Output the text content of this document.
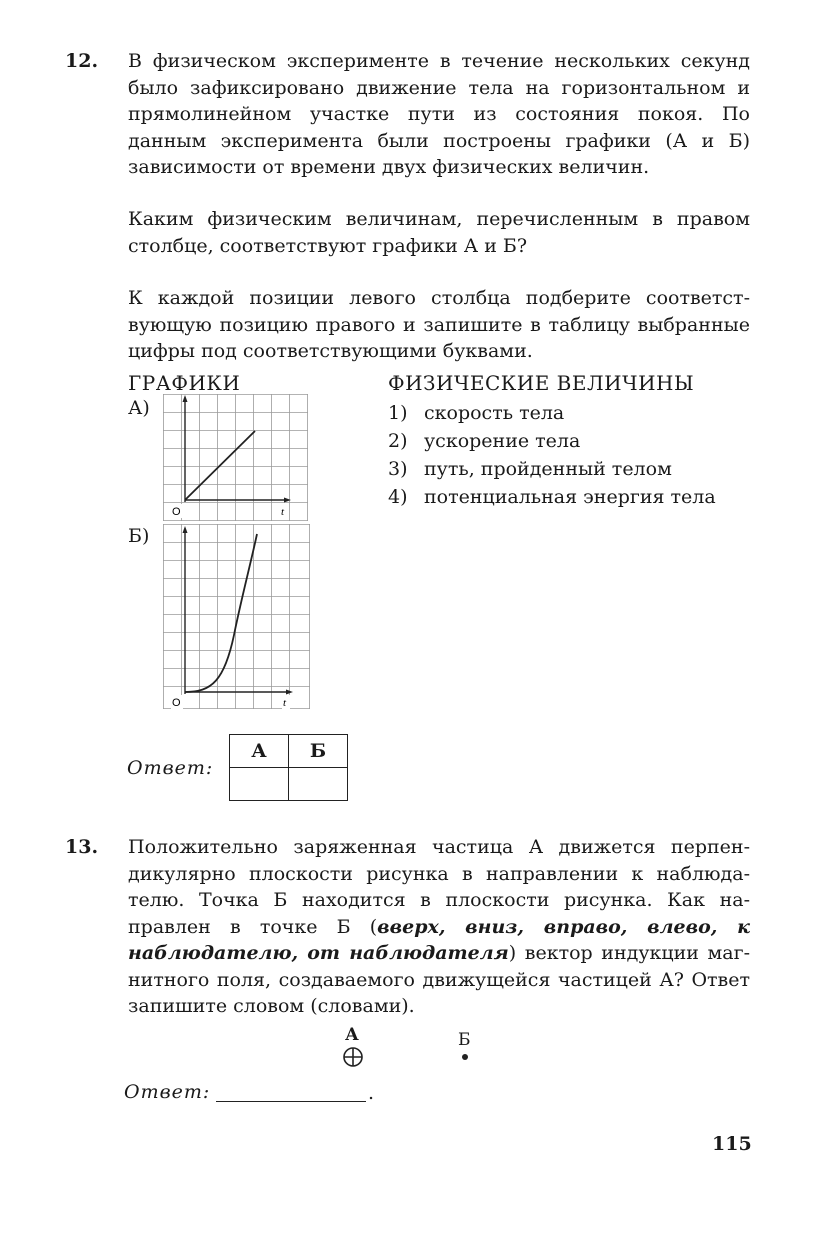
12. В физическом эксперименте в течение нескольких секунд было зафиксировано движение тела на горизонтальном и прямолинейном участке пути из состояния покоя. По данным эксперимента были построены графики (А и Б) зависимости от времени двух физических величин.

Каким физическим величинам, перечисленным в правом столбце, соответствуют графики А и Б?

К каждой позиции левого столбца подберите соответствующую позицию правого и запишите в таблицу выбранные цифры под соответствующими буквами.

ГРАФИКИ	ФИЗИЧЕСКИЕ ВЕЛИЧИНЫ
А)
Б)
O	t
O	t
1) скорость тела
2) ускорение тела
3) путь, пройденный телом
4) потенциальная энергия тела
Ответ:
А	Б

13. Положительно заряженная частица А движется перпендикулярно плоскости рисунка в направлении к наблюдателю. Точка Б находится в плоскости рисунка. Как направлен в точке Б (вверх, вниз, вправо, влево, к наблюдателю, от наблюдателя) вектор индукции магнитного поля, создаваемого движущейся частицей А? Ответ запишите словом (словами).

А	Б
Ответ:	.
115
